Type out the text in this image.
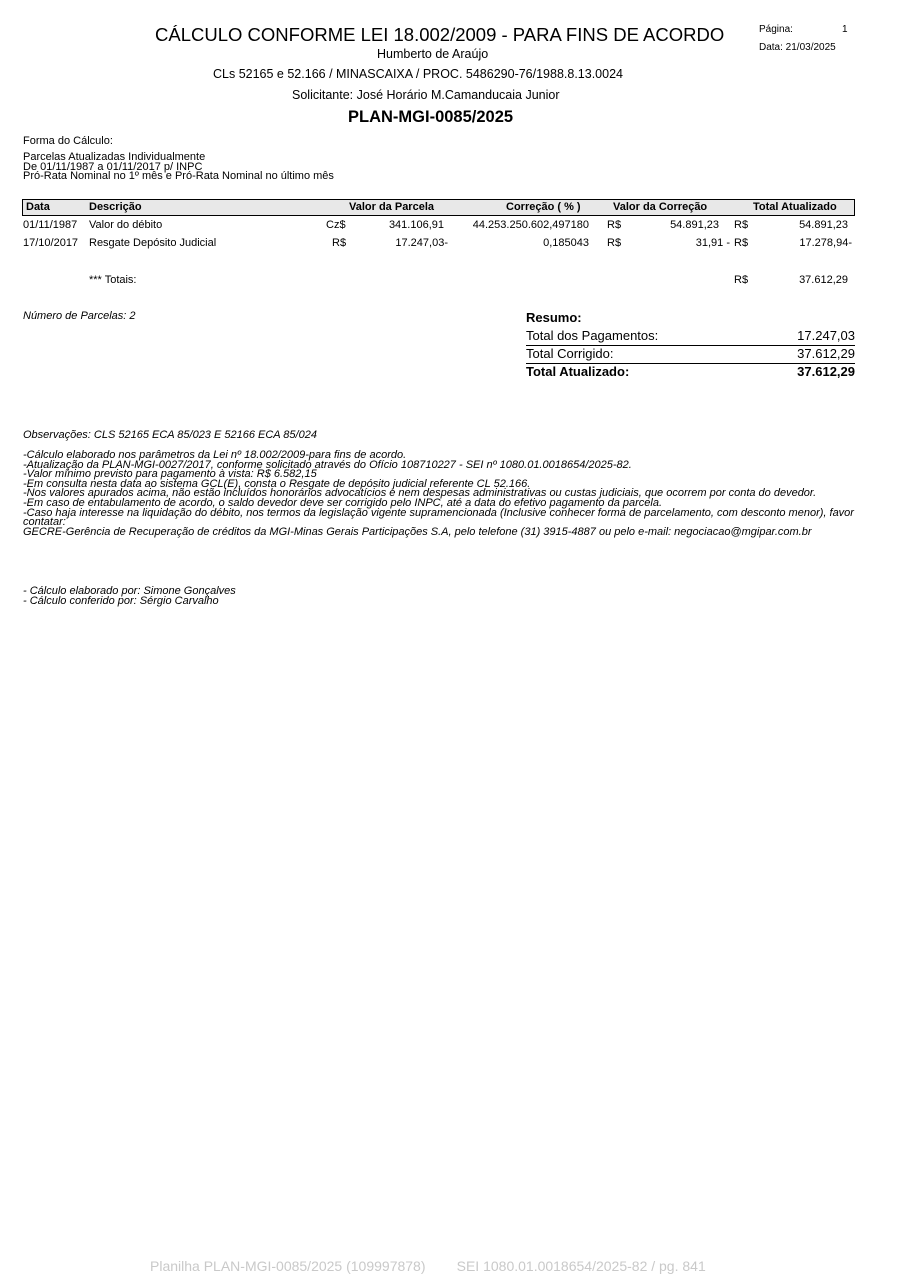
CÁLCULO CONFORME LEI 18.002/2009 - PARA FINS DE ACORDO
Humberto de Araújo
CLs 52165 e 52.166 / MINASCAIXA / PROC. 5486290-76/1988.8.13.0024
Solicitante: José Horário M.Camanducaia Junior
PLAN-MGI-0085/2025
Página:	1
Data: 21/03/2025
Forma do Cálculo:
Parcelas Atualizadas Individualmente
De 01/11/1987 a 01/11/2017 p/ INPC
Pró-Rata Nominal no 1º mês e Pró-Rata Nominal no último mês
Data	Descrição	Valor da Parcela	Correção ( % )	Valor da Correção	Total Atualizado
01/11/1987 Valor do débito	Cz$	341.106,91	44.253.250.602,497180 R$	54.891,23 R$	54.891,23
17/10/2017 Resgate Depósito Judicial	R$	17.247,03-	0,185043 R$	31,91 - R$	17.278,94-
*** Totais:	R$	37.612,29
Número de Parcelas: 2	Resumo:
Total dos Pagamentos:	17.247,03
Total Corrigido:	37.612,29
Total Atualizado:	37.612,29
Observações: CLS 52165 ECA 85/023 E 52166 ECA 85/024
-Cálculo elaborado nos parâmetros da Lei nº 18.002/2009-para fins de acordo.
-Atualização da PLAN-MGI-0027/2017, conforme solicitado através do Ofício 108710227 - SEI nº 1080.01.0018654/2025-82.
-Valor mínimo previsto para pagamento à vista: R$ 6.582,15
-Em consulta nesta data ao sistema GCL(E), consta o Resgate de depósito judicial referente CL 52.166.
-Nos valores apurados acima, não estão incluídos honorários advocatícios e nem despesas administrativas ou custas judiciais, que ocorrem por conta do devedor.
-Em caso de entabulamento de acordo, o saldo devedor deve ser corrigido pelo INPC, até a data do efetivo pagamento da parcela.
-Caso haja interesse na liquidação do débito, nos termos da legislação vigente supramencionada (Inclusive conhecer forma de parcelamento, com desconto menor), favor contatar:
GECRE-Gerência de Recuperação de créditos da MGI-Minas Gerais Participações S.A, pelo telefone (31) 3915-4887 ou pelo e-mail: negociacao@mgipar.com.br
- Cálculo elaborado por: Simone Gonçalves
- Cálculo conferido por: Sérgio Carvalho
Planilha PLAN-MGI-0085/2025 (109997878)        SEI 1080.01.0018654/2025-82 / pg. 841
